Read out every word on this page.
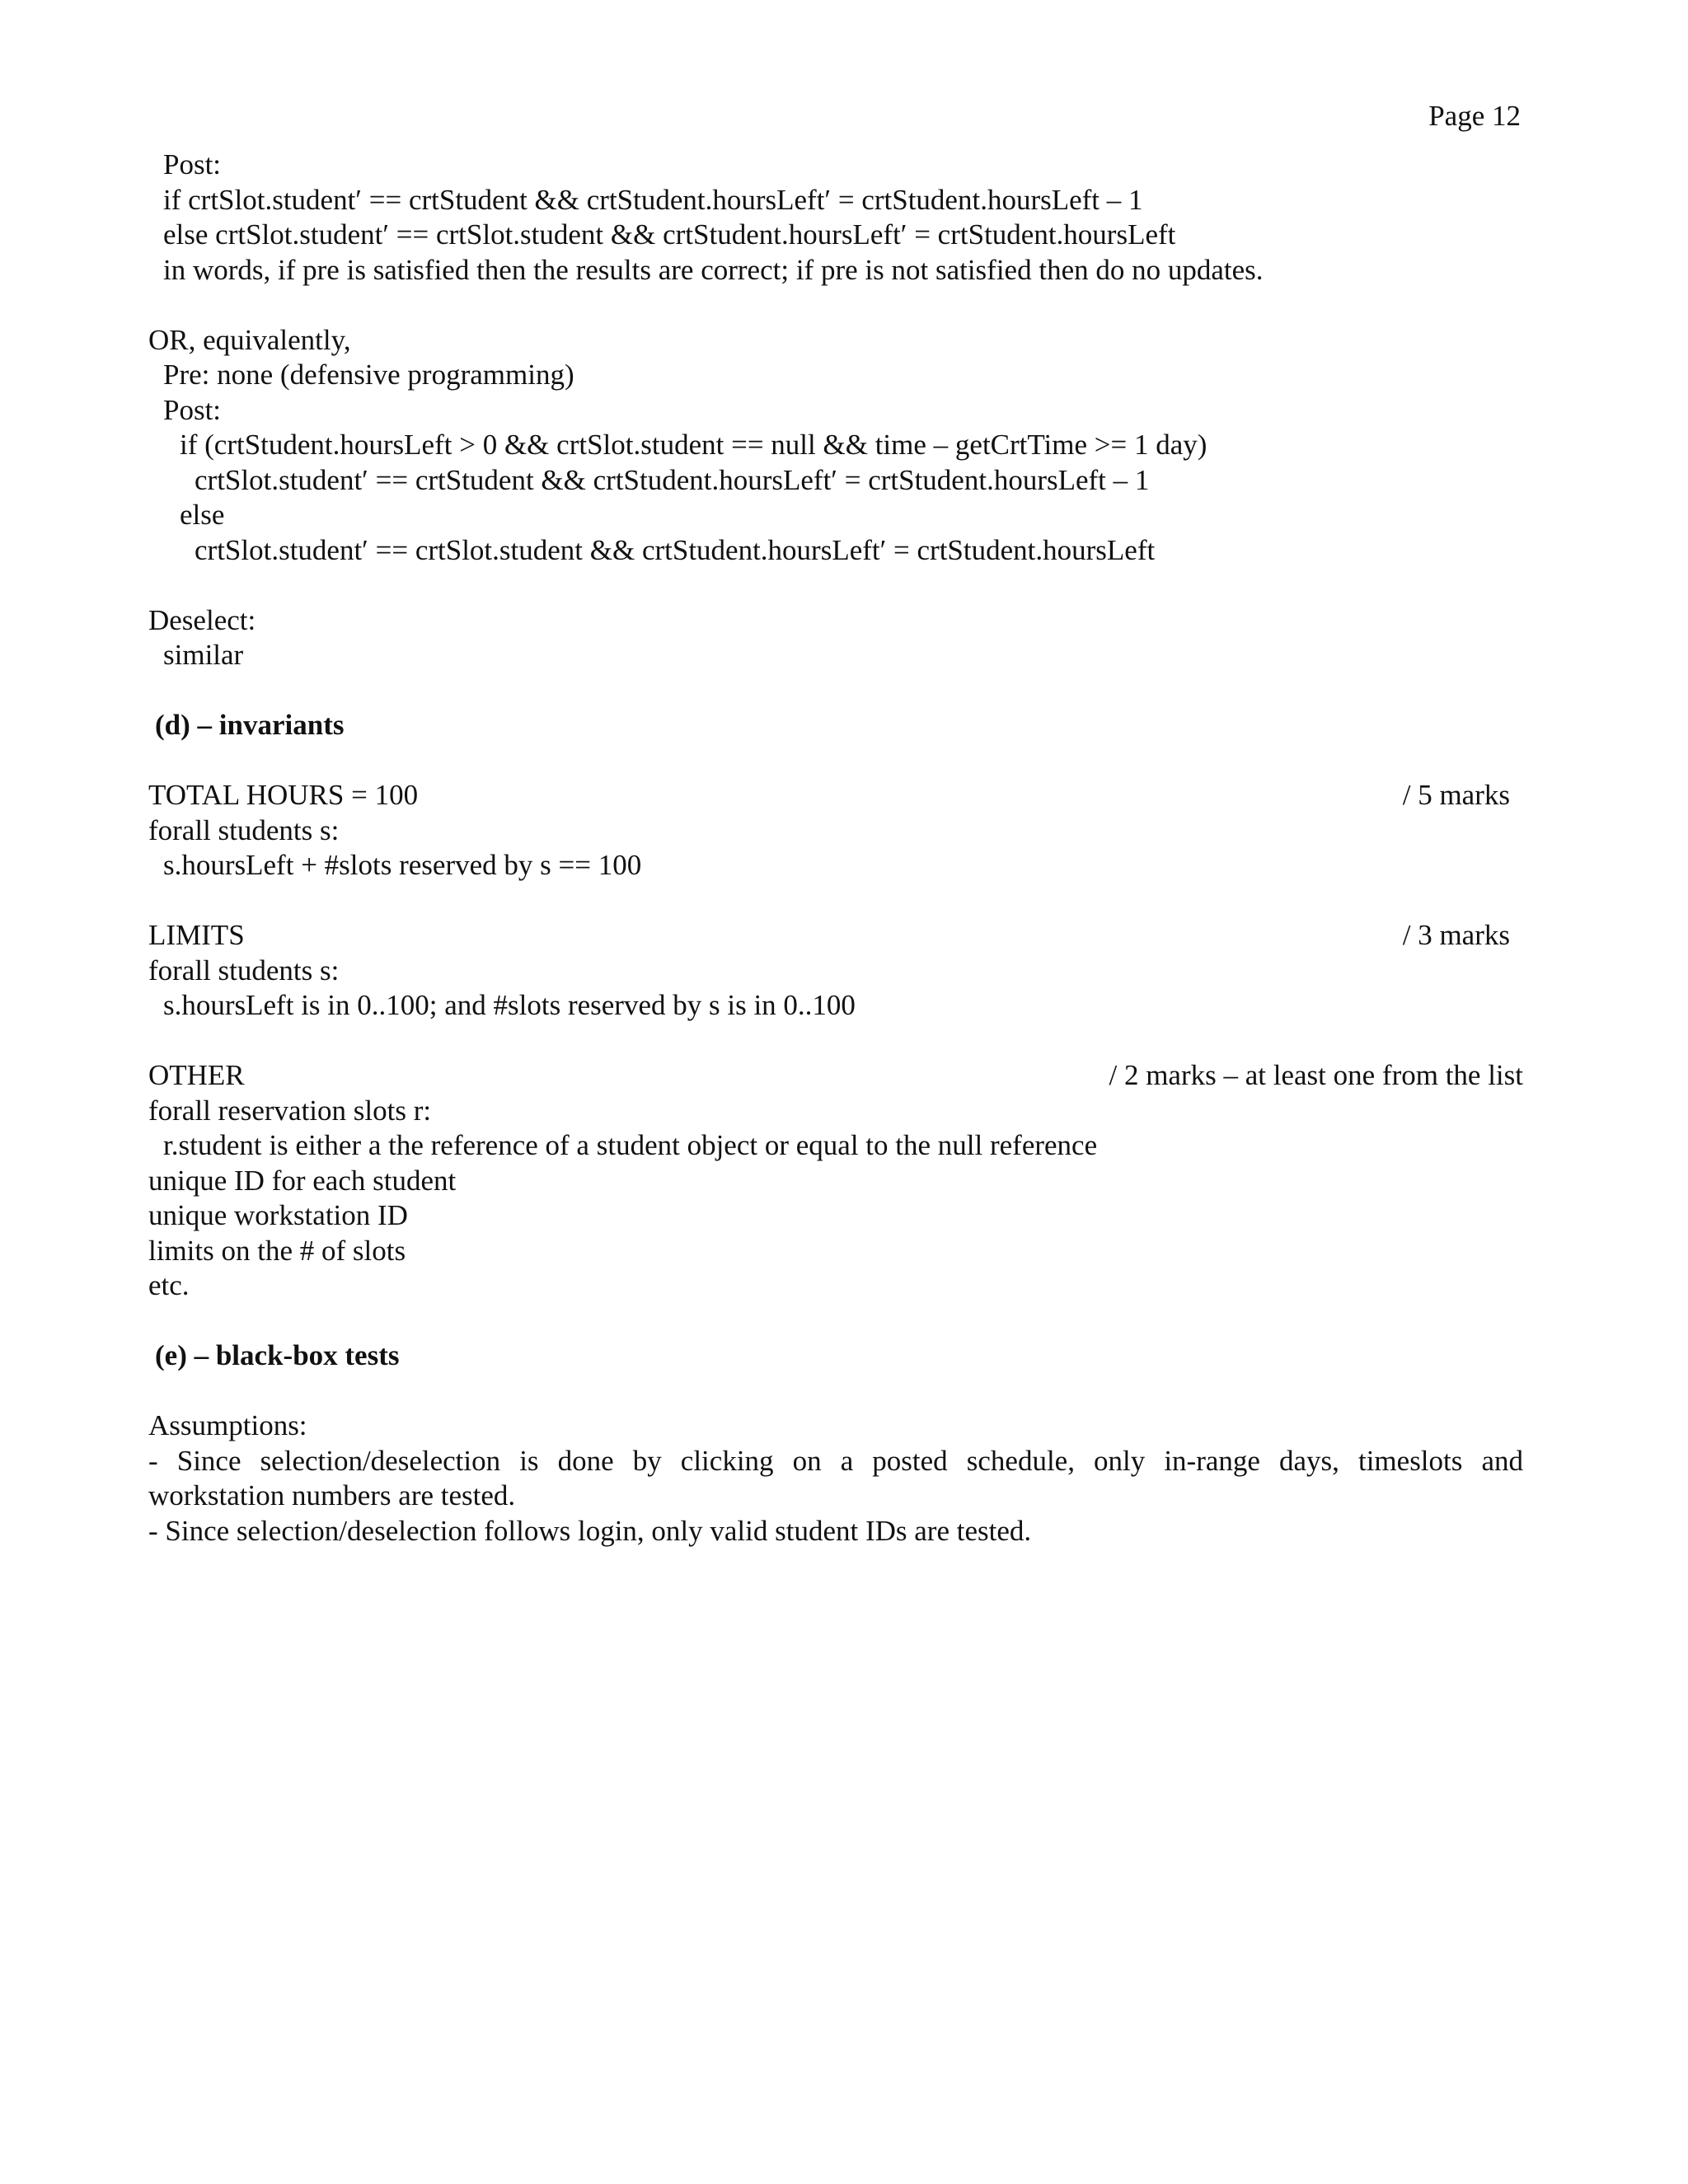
Page 12
Post:
if crtSlot.student′ == crtStudent && crtStudent.hoursLeft′ = crtStudent.hoursLeft – 1
else crtSlot.student′ == crtSlot.student && crtStudent.hoursLeft′ = crtStudent.hoursLeft
in words, if pre is satisfied then the results are correct; if pre is not satisfied then do no updates.
OR, equivalently,
Pre: none (defensive programming)
Post:
if (crtStudent.hoursLeft > 0 && crtSlot.student == null && time – getCrtTime >= 1 day)
crtSlot.student′ == crtStudent && crtStudent.hoursLeft′ = crtStudent.hoursLeft – 1
else
crtSlot.student′ == crtSlot.student && crtStudent.hoursLeft′ = crtStudent.hoursLeft
Deselect:
similar
(d) – invariants
TOTAL HOURS = 100	/ 5 marks
forall students s:
s.hoursLeft + #slots reserved by s == 100
LIMITS	/ 3 marks
forall students s:
s.hoursLeft is in 0..100; and #slots reserved by s is in 0..100
OTHER	/ 2 marks – at least one from the list
forall reservation slots r:
r.student is either a the reference of a student object or equal to the null reference
unique ID for each student
unique workstation ID
limits on the # of slots
etc.
(e) – black-box tests
Assumptions:
- Since selection/deselection is done by clicking on a posted schedule, only in-range days, timeslots and
workstation numbers are tested.
- Since selection/deselection follows login, only valid student IDs are tested.
